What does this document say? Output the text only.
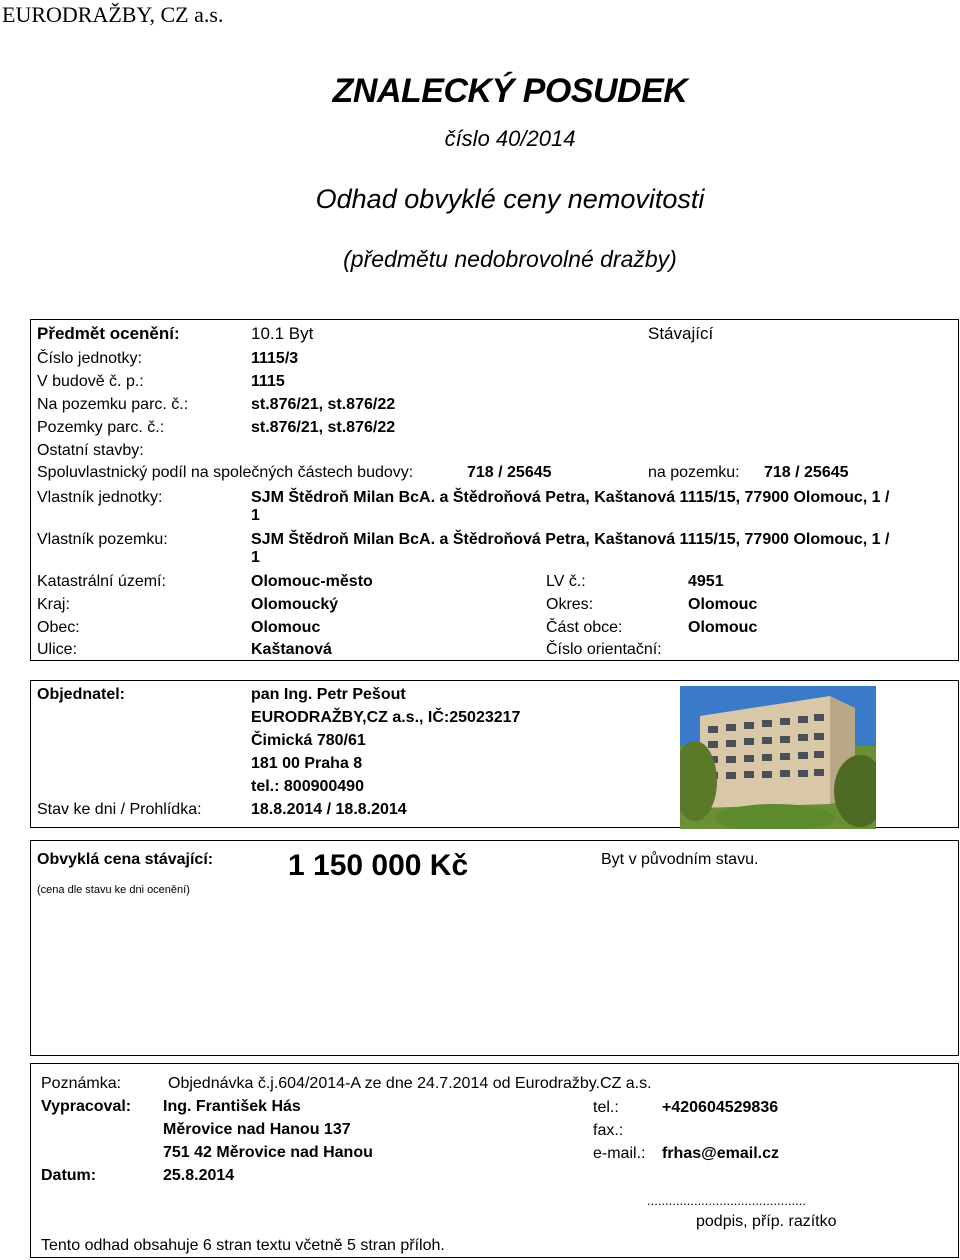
EURODRAŽBY, CZ a.s.
ZNALECKÝ POSUDEK
číslo 40/2014
Odhad obvyklé ceny nemovitosti
(předmětu nedobrovolné dražby)
Předmět ocenění:	10.1 Byt	Stávající
Číslo jednotky:	1115/3
V budově č. p.:	1115
Na pozemku parc. č.:	st.876/21, st.876/22
Pozemky parc. č.:	st.876/21, st.876/22
Ostatní stavby:
Spoluvlastnický podíl na společných částech budovy:	718 / 25645	na pozemku: 718 / 25645
Vlastník jednotky:	SJM Štědroň Milan BcA. a Štědroňová Petra, Kaštanová 1115/15, 77900 Olomouc, 1 /
1
Vlastník pozemku:	SJM Štědroň Milan BcA. a Štědroňová Petra, Kaštanová 1115/15, 77900 Olomouc, 1 /
1
Katastrální území:	Olomouc-město	LV č.:	4951
Kraj:	Olomoucký	Okres:	Olomouc
Obec:	Olomouc	Část obce:	Olomouc
Ulice:	Kaštanová	Číslo orientační:
Objednatel:	pan Ing. Petr Pešout
EURODRAŽBY,CZ a.s., IČ:25023217
Čimická 780/61
181 00 Praha 8
tel.: 800900490
Stav ke dni / Prohlídka:	18.8.2014 / 18.8.2014
Obvyklá cena stávající:
(cena dle stavu ke dni ocenění)
1 150 000 Kč	Byt v původním stavu.
Poznámka:	Objednávka č.j.604/2014-A ze dne 24.7.2014 od Eurodražby.CZ a.s.
Vypracoval: Ing. František Hás
Měrovice nad Hanou 137
751 42 Měrovice nad Hanou
tel.:	+420604529836
fax.:
e-mail.: frhas@email.cz
Datum:	25.8.2014
............................................
podpis, příp. razítko
Tento odhad obsahuje 6 stran textu včetně 5 stran příloh.
